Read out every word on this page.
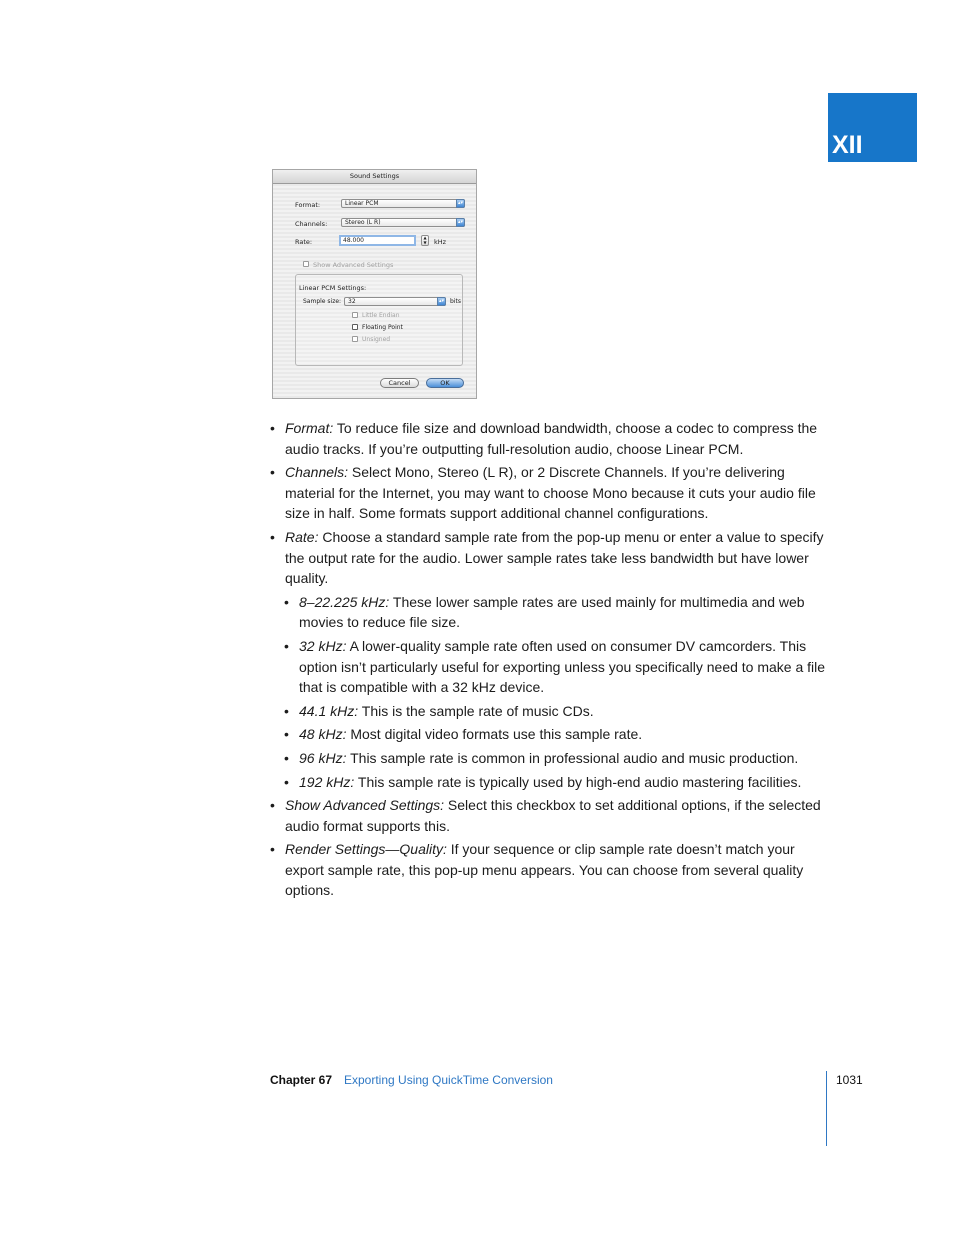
XII
Sound Settings
Format:	Linear PCM	▴▾
Channels:	Stereo (L R)	▴▾
Rate:	48.000	▲
▼	kHz
Show Advanced Settings
Linear PCM Settings:
Sample size:	32	▴▾ bits
Little Endian
Floating Point
Unsigned
Cancel	OK
• Format: To reduce file size and download bandwidth, choose a codec to compress the audio tracks. If you’re outputting full-resolution audio, choose Linear PCM.
• Channels: Select Mono, Stereo (L R), or 2 Discrete Channels. If you’re delivering material for the Internet, you may want to choose Mono because it cuts your audio file size in half. Some formats support additional channel configurations.
• Rate: Choose a standard sample rate from the pop-up menu or enter a value to specify the output rate for the audio. Lower sample rates take less bandwidth but have lower quality.
• 8–22.225 kHz: These lower sample rates are used mainly for multimedia and web movies to reduce file size.
• 32 kHz: A lower-quality sample rate often used on consumer DV camcorders. This option isn’t particularly useful for exporting unless you specifically need to make a file that is compatible with a 32 kHz device.
• 44.1 kHz: This is the sample rate of music CDs.
• 48 kHz: Most digital video formats use this sample rate.
• 96 kHz: This sample rate is common in professional audio and music production.
• 192 kHz: This sample rate is typically used by high-end audio mastering facilities.
• Show Advanced Settings: Select this checkbox to set additional options, if the selected audio format supports this.
• Render Settings—Quality: If your sequence or clip sample rate doesn’t match your export sample rate, this pop-up menu appears. You can choose from several quality options.
Chapter 67 Exporting Using QuickTime Conversion	1031
